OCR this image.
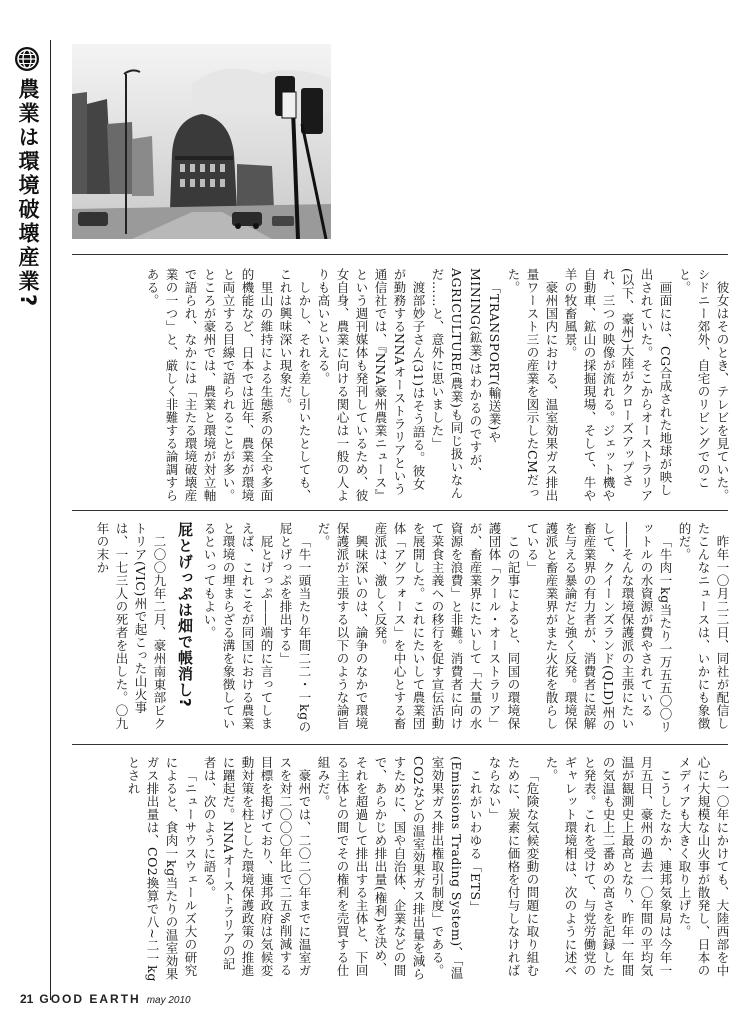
農業は環境破壊産業?

彼女はそのとき、テレビを見ていた。シドニー郊外、自宅のリビングでのこと。

画面には、CG合成された地球が映し出されていた。そこからオーストラリア(以下、豪州)大陸がクローズアップされ、三つの映像が流れる。ジェット機や自動車、鉱山の採掘現場、そして、牛や羊の牧畜風景。

豪州国内における、温室効果ガス排出量ワースト三の産業を図示したCMだった。

「TRANSPORT(輸送業)やMINING(鉱業)はわかるのですが、AGRICULTURE(農業)も同じ扱いなんだ……と、意外に思いました」

渡部妙子さん(31)はそう語る。彼女が勤務するNNAオーストラリアという通信社では、『NNA豪州農業ニュース』という週刊媒体も発刊しているため、彼女自身、農業に向ける関心は一般の人よりも高いといえる。

しかし、それを差し引いたとしても、これは興味深い現象だ。

里山の維持による生態系の保全や多面的機能など、日本では近年、農業が環境と両立する目線で語られることが多い。ところが豪州では、農業と環境が対立軸で語られ、なかには「主たる環境破壊産業の一つ」と、厳しく非難する論調すらある。

昨年一〇月二二日、同社が配信したこんなニュースは、いかにも象徴的だ。

「牛肉一kg当たり一万五五〇〇リットルの水資源が費やされている――そんな環境保護派の主張にたいして、クイーンズランド(QLD)州の畜産業界の有力者が、消費者に誤解を与える暴論だと強く反発。環境保護派と畜産業界がまた火花を散らしている」

この記事によると、同国の環境保護団体「クール・オーストラリア」が、畜産業界にたいして「大量の水資源を浪費」と非難。消費者に向けて菜食主義への移行を促す宣伝活動を展開した。これにたいして農業団体「アグフォース」を中心とする畜産派は、激しく反発。

興味深いのは、論争のなかで環境保護派が主張する以下のような論旨だ。

「牛一頭当たり年間二二・一kgの屁とげっぷを排出する」

屁とげっぷ――端的に言ってしまえば、これこそが同国における農業と環境の埋まらざる溝を象徴しているといってもよい。

屁とげっぷは畑で帳消し?

二〇〇九年二月、豪州南東部ビクトリア(VIC)州で起こった山火事は、一七三人の死者を出した。〇九年の末か

ら一〇年にかけても、大陸西部を中心に大規模な山火事が散発し、日本のメディアも大きく取り上げた。

こうしたなか、連邦気象局は今年一月五日、豪州の過去一〇年間の平均気温が観測史上最高となり、昨年一年間の気温も史上二番めの高さを記録したと発表。これを受けて、与党労働党のギャレット環境相は、次のように述べた。

「危険な気候変動の問題に取り組むために、炭素に価格を付与しなければならない」

これがいわゆる「ETS」(Emissions Trading System)、「温室効果ガス排出権取引制度」である。CO2などの温室効果ガス排出量を減らすために、国や自治体、企業などの間で、あらかじめ排出量(権利)を決め、それを超過して排出する主体と、下回る主体との間でその権利を売買する仕組みだ。

豪州では、二〇二〇年までに温室ガスを対二〇〇〇年比で二五%削減する目標を掲げており、連邦政府は気候変動対策を柱とした環境保護政策の推進に躍起だ。NNAオーストラリアの記者は、次のように語る。

「ニューサウスウェールズ大の研究によると、食肉一kg当たりの温室効果ガス排出量は、CO2換算で八~二一kgとされ

21 GOOD EARTH may 2010
